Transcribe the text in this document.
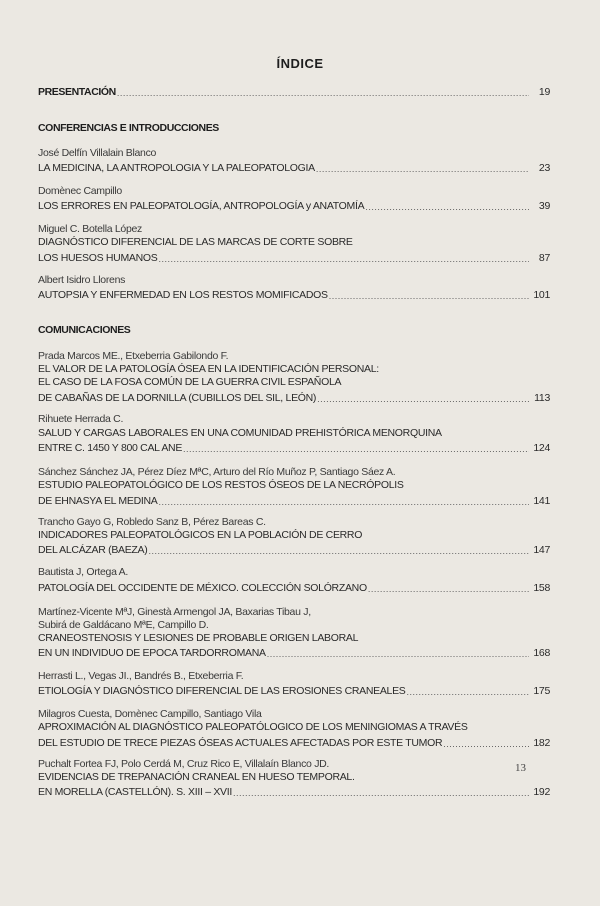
ÍNDICE
PRESENTACIÓN .....	19
CONFERENCIAS E INTRODUCCIONES
José Delfín Villalain Blanco
LA MEDICINA, LA ANTROPOLOGIA Y LA PALEOPATOLOGIA .....	23
Domènec Campillo
LOS ERRORES EN PALEOPATOLOGÍA, ANTROPOLOGÍA y ANATOMÍA .....	39
Miguel C. Botella López
DIAGNÓSTICO DIFERENCIAL DE LAS MARCAS DE CORTE SOBRE
LOS HUESOS HUMANOS .....	87
Albert Isidro Llorens
AUTOPSIA Y ENFERMEDAD EN LOS RESTOS MOMIFICADOS .....	101
COMUNICACIONES
Prada Marcos ME., Etxeberria Gabilondo F.
EL VALOR DE LA PATOLOGÍA ÓSEA EN LA IDENTIFICACIÓN PERSONAL:
EL CASO DE LA FOSA COMÚN DE LA GUERRA CIVIL ESPAÑOLA
DE CABAÑAS DE LA DORNILLA (CUBILLOS DEL SIL, LEÓN) .....	113
Rihuete Herrada C.
SALUD Y CARGAS LABORALES EN UNA COMUNIDAD PREHISTÓRICA MENORQUINA
ENTRE C. 1450 Y 800 CAL ANE .....	124
Sánchez Sánchez JA, Pérez Díez MªC, Arturo del Río Muñoz P, Santiago Sáez A.
ESTUDIO PALEOPATOLÓGICO DE LOS RESTOS ÓSEOS DE LA NECRÓPOLIS
DE EHNASYA EL MEDINA .....	141
Trancho Gayo G, Robledo Sanz B, Pérez Bareas C.
INDICADORES PALEOPATOLÓGICOS EN LA POBLACIÓN DE CERRO
DEL ALCÁZAR (BAEZA) .....	147
Bautista J, Ortega A.
PATOLOGÍA DEL OCCIDENTE DE MÉXICO. COLECCIÓN SOLÓRZANO .....	158
Martínez-Vicente MªJ, Ginestà Armengol JA, Baxarias Tibau J,
Subirá de Galdácano MªE, Campillo D.
CRANEOSTENOSIS Y LESIONES DE PROBABLE ORIGEN LABORAL
EN UN INDIVIDUO DE EPOCA TARDORROMANA .....	168
Herrasti L., Vegas JI., Bandrés B., Etxeberria F.
ETIOLOGÍA Y DIAGNÓSTICO DIFERENCIAL DE LAS EROSIONES CRANEALES .....	175
Milagros Cuesta, Domènec Campillo, Santiago Vila
APROXIMACIÓN AL DIAGNÓSTICO PALEOPATÓLOGICO DE LOS MENINGIOMAS A TRAVÉS
DEL ESTUDIO DE TRECE PIEZAS ÓSEAS ACTUALES AFECTADAS POR ESTE TUMOR .....	182
Puchalt Fortea FJ, Polo Cerdá M, Cruz Rico E, Villalaín Blanco JD.
EVIDENCIAS DE TREPANACIÓN CRANEAL EN HUESO TEMPORAL.
EN MORELLA (CASTELLÓN). S. XIII – XVII .....	192
13
